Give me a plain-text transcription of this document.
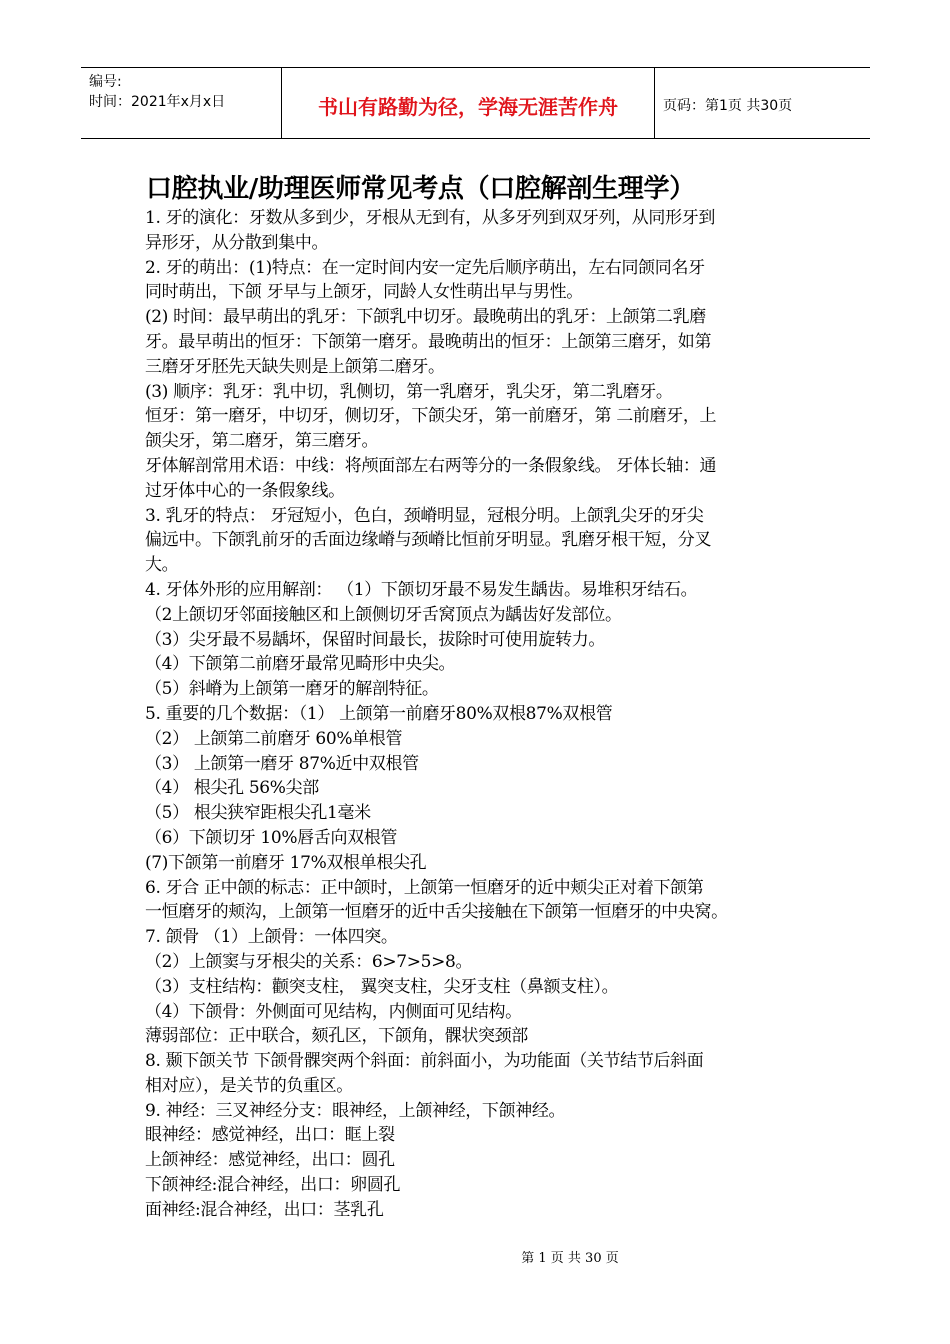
编号:
时间：2021年x月x日	书山有路勤为径，学海无涯苦作舟	页码：第1页 共30页
口腔执业/助理医师常见考点（口腔解剖生理学）

1. 牙的演化：牙数从多到少，牙根从无到有，从多牙列到双牙列，从同形牙到

异形牙，从分散到集中。

2. 牙的萌出：(1)特点：在一定时间内安一定先后顺序萌出，左右同颌同名牙

同时萌出，下颌 牙早与上颌牙，同龄人女性萌出早与男性。

(2) 时间：最早萌出的乳牙：下颌乳中切牙。最晚萌出的乳牙：上颌第二乳磨

牙。最早萌出的恒牙：下颌第一磨牙。最晚萌出的恒牙：上颌第三磨牙，如第

三磨牙牙胚先天缺失则是上颌第二磨牙。

(3) 顺序：乳牙：乳中切，乳侧切，第一乳磨牙，乳尖牙，第二乳磨牙。

恒牙：第一磨牙，中切牙，侧切牙，下颌尖牙，第一前磨牙，第 二前磨牙，上

颌尖牙，第二磨牙，第三磨牙。

牙体解剖常用术语：中线：将颅面部左右两等分的一条假象线。 牙体长轴：通

过牙体中心的一条假象线。

3. 乳牙的特点： 牙冠短小，色白，颈嵴明显，冠根分明。上颌乳尖牙的牙尖

偏远中。下颌乳前牙的舌面边缘嵴与颈嵴比恒前牙明显。乳磨牙根干短，分叉

大。

4. 牙体外形的应用解剖： （1）下颌切牙最不易发生龋齿。易堆积牙结石。

（2上颌切牙邻面接触区和上颌侧切牙舌窝顶点为龋齿好发部位。

（3）尖牙最不易龋坏，保留时间最长，拔除时可使用旋转力。

（4）下颌第二前磨牙最常见畸形中央尖。

（5）斜嵴为上颌第一磨牙的解剖特征。

5. 重要的几个数据：（1） 上颌第一前磨牙80%双根87%双根管

（2） 上颌第二前磨牙 60%单根管

（3） 上颌第一磨牙 87%近中双根管

（4） 根尖孔 56%尖部

（5） 根尖狭窄距根尖孔1毫米

（6）下颌切牙 10%唇舌向双根管

(7)下颌第一前磨牙 17%双根单根尖孔

6. 牙合 正中颌的标志：正中颌时，上颌第一恒磨牙的近中颊尖正对着下颌第

一恒磨牙的颊沟，上颌第一恒磨牙的近中舌尖接触在下颌第一恒磨牙的中央窝。

7. 颌骨 （1）上颌骨：一体四突。

（2）上颌窦与牙根尖的关系：6>7>5>8。

（3）支柱结构：颧突支柱， 翼突支柱，尖牙支柱（鼻额支柱）。

（4）下颌骨：外侧面可见结构，内侧面可见结构。

薄弱部位：正中联合，颏孔区，下颌角，髁状突颈部

8. 颞下颌关节 下颌骨髁突两个斜面：前斜面小，为功能面（关节结节后斜面

相对应），是关节的负重区。

9. 神经：三叉神经分支：眼神经，上颌神经，下颌神经。

眼神经：感觉神经，出口：眶上裂

上颌神经：感觉神经，出口：圆孔

下颌神经:混合神经，出口：卵圆孔

面神经:混合神经，出口：茎乳孔

第 1 页 共 30 页
